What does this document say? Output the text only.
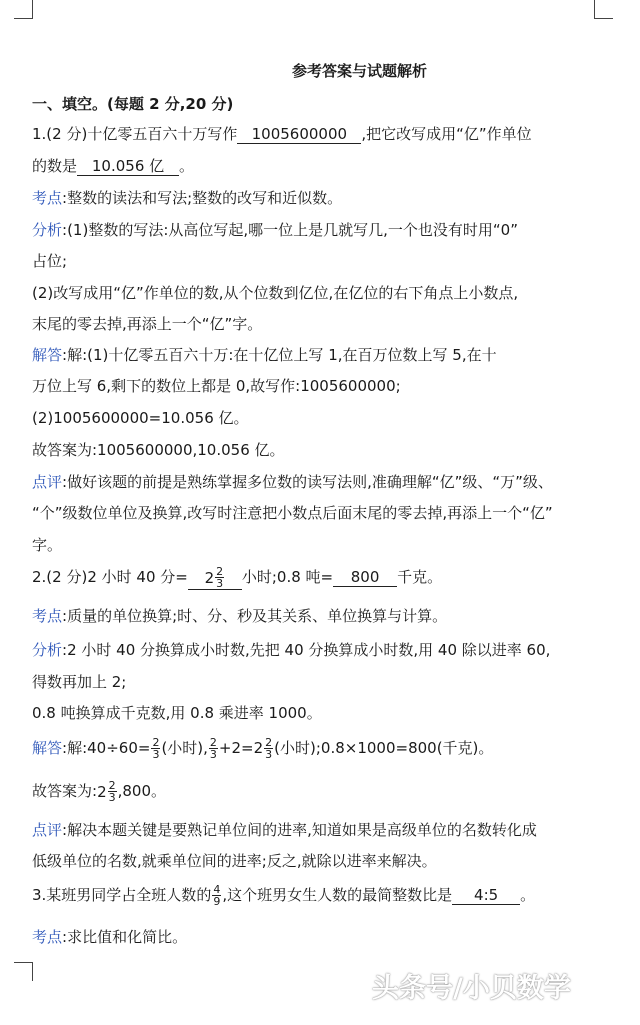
参考答案与试题解析
一、填空。(每题 2 分,20 分)
1.(2 分)十亿零五百六十万写作 1005600000 ,把它改写成用“亿”作单位
的数是 10.056 亿 。
考点:整数的读法和写法;整数的改写和近似数。
分析:(1)整数的写法:从高位写起,哪一位上是几就写几,一个也没有时用“0”
占位;
(2)改写成用“亿”作单位的数,从个位数到亿位,在亿位的右下角点上小数点,
末尾的零去掉,再添上一个“亿”字。
解答:解:(1)十亿零五百六十万:在十亿位上写 1,在百万位数上写 5,在十
万位上写 6,剩下的数位上都是 0,故写作:1005600000;
(2)1005600000=10.056 亿。
故答案为:1005600000,10.056 亿。
点评:做好该题的前提是熟练掌握多位数的读写法则,准确理解“亿”级、“万”级、
“个”级数位单位及换算,改写时注意把小数点后面末尾的零去掉,再添上一个“亿”
字。
2.(2 分)2 小时 40 分= $2 \frac{2}{3}$ 小时;0.8 吨= 800 千克。
考点:质量的单位换算;时、分、秒及其关系、单位换算与计算。
分析:2 小时 40 分换算成小时数,先把 40 分换算成小时数,用 40 除以进率 60,
得数再加上 2;
0.8 吨换算成千克数,用 0.8 乘进率 1000。
解答:解:40÷60= $\frac{2}{3}$ (小时), $\frac{2}{3} +2=2 \frac{2}{3}$ (小时);0.8×1000=800(千克)。
故答案为: $2 \frac{2}{3} ,800$。
点评:解决本题关键是要熟记单位间的进率,知道如果是高级单位的名数转化成
低级单位的名数,就乘单位间的进率;反之,就除以进率来解决。
3.某班男同学占全班人数的 $\frac{4}{9}$ ,这个班男女生人数的最简整数比是 4:5 。
考点:求比值和化简比。
头条号/小贝数学
